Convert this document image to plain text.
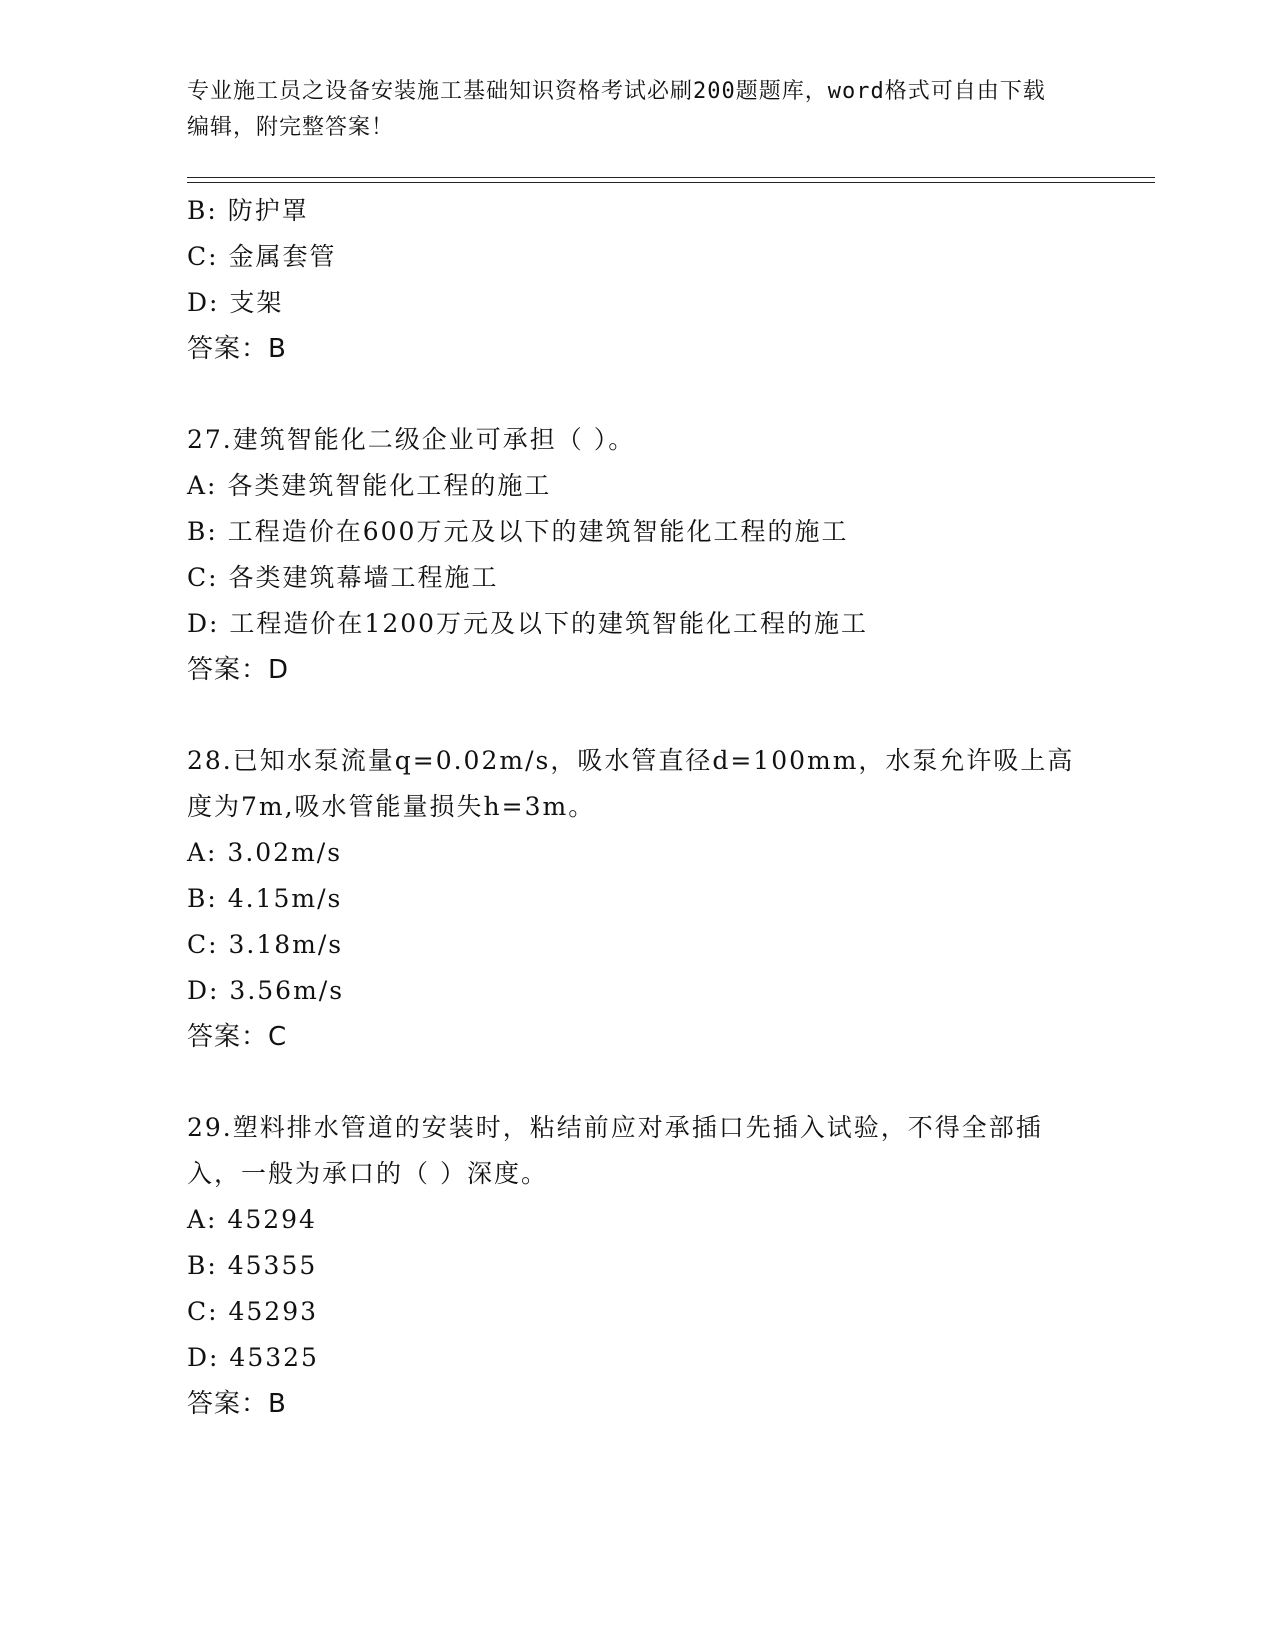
专业施工员之设备安装施工基础知识资格考试必刷200题题库，word格式可自由下载编辑，附完整答案！
B: 防护罩
C: 金属套管
D: 支架
答案：B
27.建筑智能化二级企业可承担（ ）。
A: 各类建筑智能化工程的施工
B: 工程造价在600万元及以下的建筑智能化工程的施工
C: 各类建筑幕墙工程施工
D: 工程造价在1200万元及以下的建筑智能化工程的施工
答案：D
28.已知水泵流量q=0.02m/s，吸水管直径d=100mm，水泵允许吸上高度为7m,吸水管能量损失h=3m。
A: 3.02m/s
B: 4.15m/s
C: 3.18m/s
D: 3.56m/s
答案：C
29.塑料排水管道的安装时，粘结前应对承插口先插入试验，不得全部插入，一般为承口的（ ）深度。
A: 45294
B: 45355
C: 45293
D: 45325
答案：B
